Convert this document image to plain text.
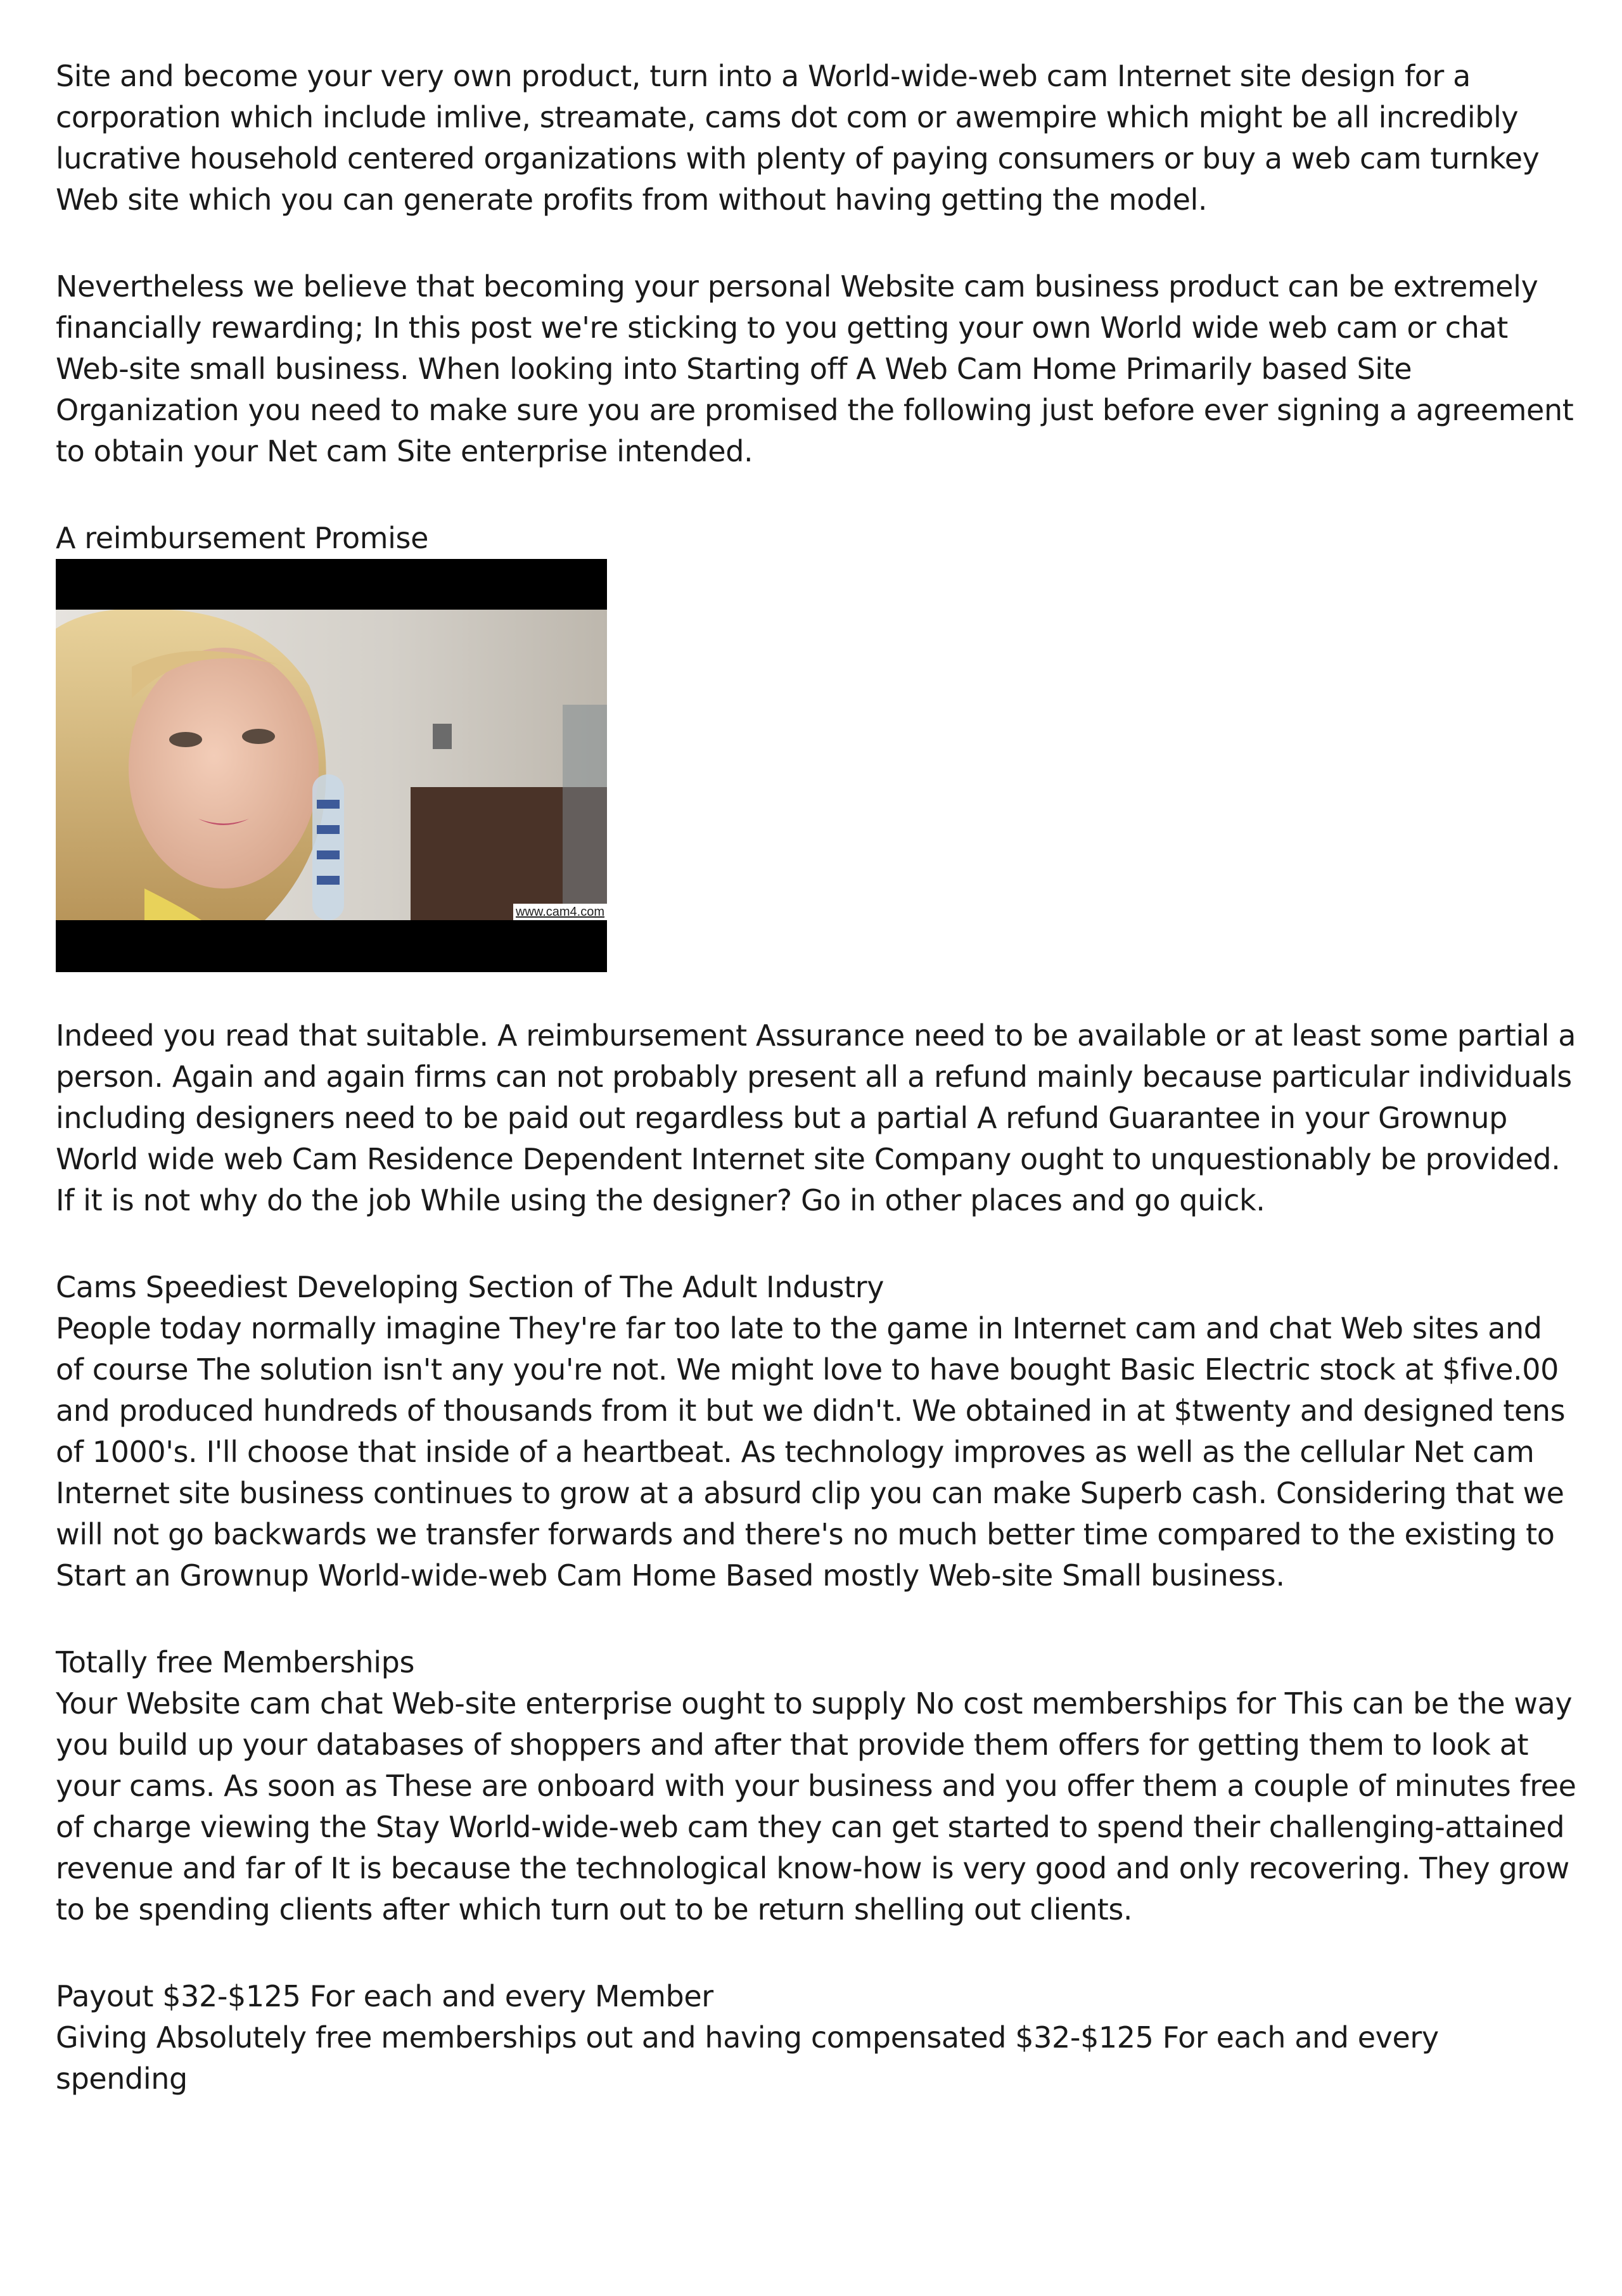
Site and become your very own product, turn into a World-wide-web cam Internet site design for a corporation which include imlive, streamate, cams dot com or awempire which might be all incredibly lucrative household centered organizations with plenty of paying consumers or buy a web cam turnkey Web site which you can generate profits from without having getting the model.

Nevertheless we believe that becoming your personal Website cam business product can be extremely financially rewarding; In this post we're sticking to you getting your own World wide web cam or chat Web-site small business. When looking into Starting off A Web Cam Home Primarily based Site Organization you need to make sure you are promised the following just before ever signing a agreement to obtain your Net cam Site enterprise intended.

A reimbursement Promise

www.cam4.com

Indeed you read that suitable. A reimbursement Assurance need to be available or at least some partial a person. Again and again firms can not probably present all a refund mainly because particular individuals including designers need to be paid out regardless but a partial A refund Guarantee in your Grownup World wide web Cam Residence Dependent Internet site Company ought to unquestionably be provided. If it is not why do the job While using the designer? Go in other places and go quick.

Cams Speediest Developing Section of The Adult Industry

People today normally imagine They're far too late to the game in Internet cam and chat Web sites and of course The solution isn't any you're not. We might love to have bought Basic Electric stock at $five.00 and produced hundreds of thousands from it but we didn't. We obtained in at $twenty and designed tens of 1000's. I'll choose that inside of a heartbeat. As technology improves as well as the cellular Net cam Internet site business continues to grow at a absurd clip you can make Superb cash. Considering that we will not go backwards we transfer forwards and there's no much better time compared to the existing to Start an Grownup World-wide-web Cam Home Based mostly Web-site Small business.

Totally free Memberships

Your Website cam chat Web-site enterprise ought to supply No cost memberships for This can be the way you build up your databases of shoppers and after that provide them offers for getting them to look at your cams. As soon as These are onboard with your business and you offer them a couple of minutes free of charge viewing the Stay World-wide-web cam they can get started to spend their challenging-attained revenue and far of It is because the technological know-how is very good and only recovering. They grow to be spending clients after which turn out to be return shelling out clients.

Payout $32-$125 For each and every Member

Giving Absolutely free memberships out and having compensated $32-$125 For each and every spending
